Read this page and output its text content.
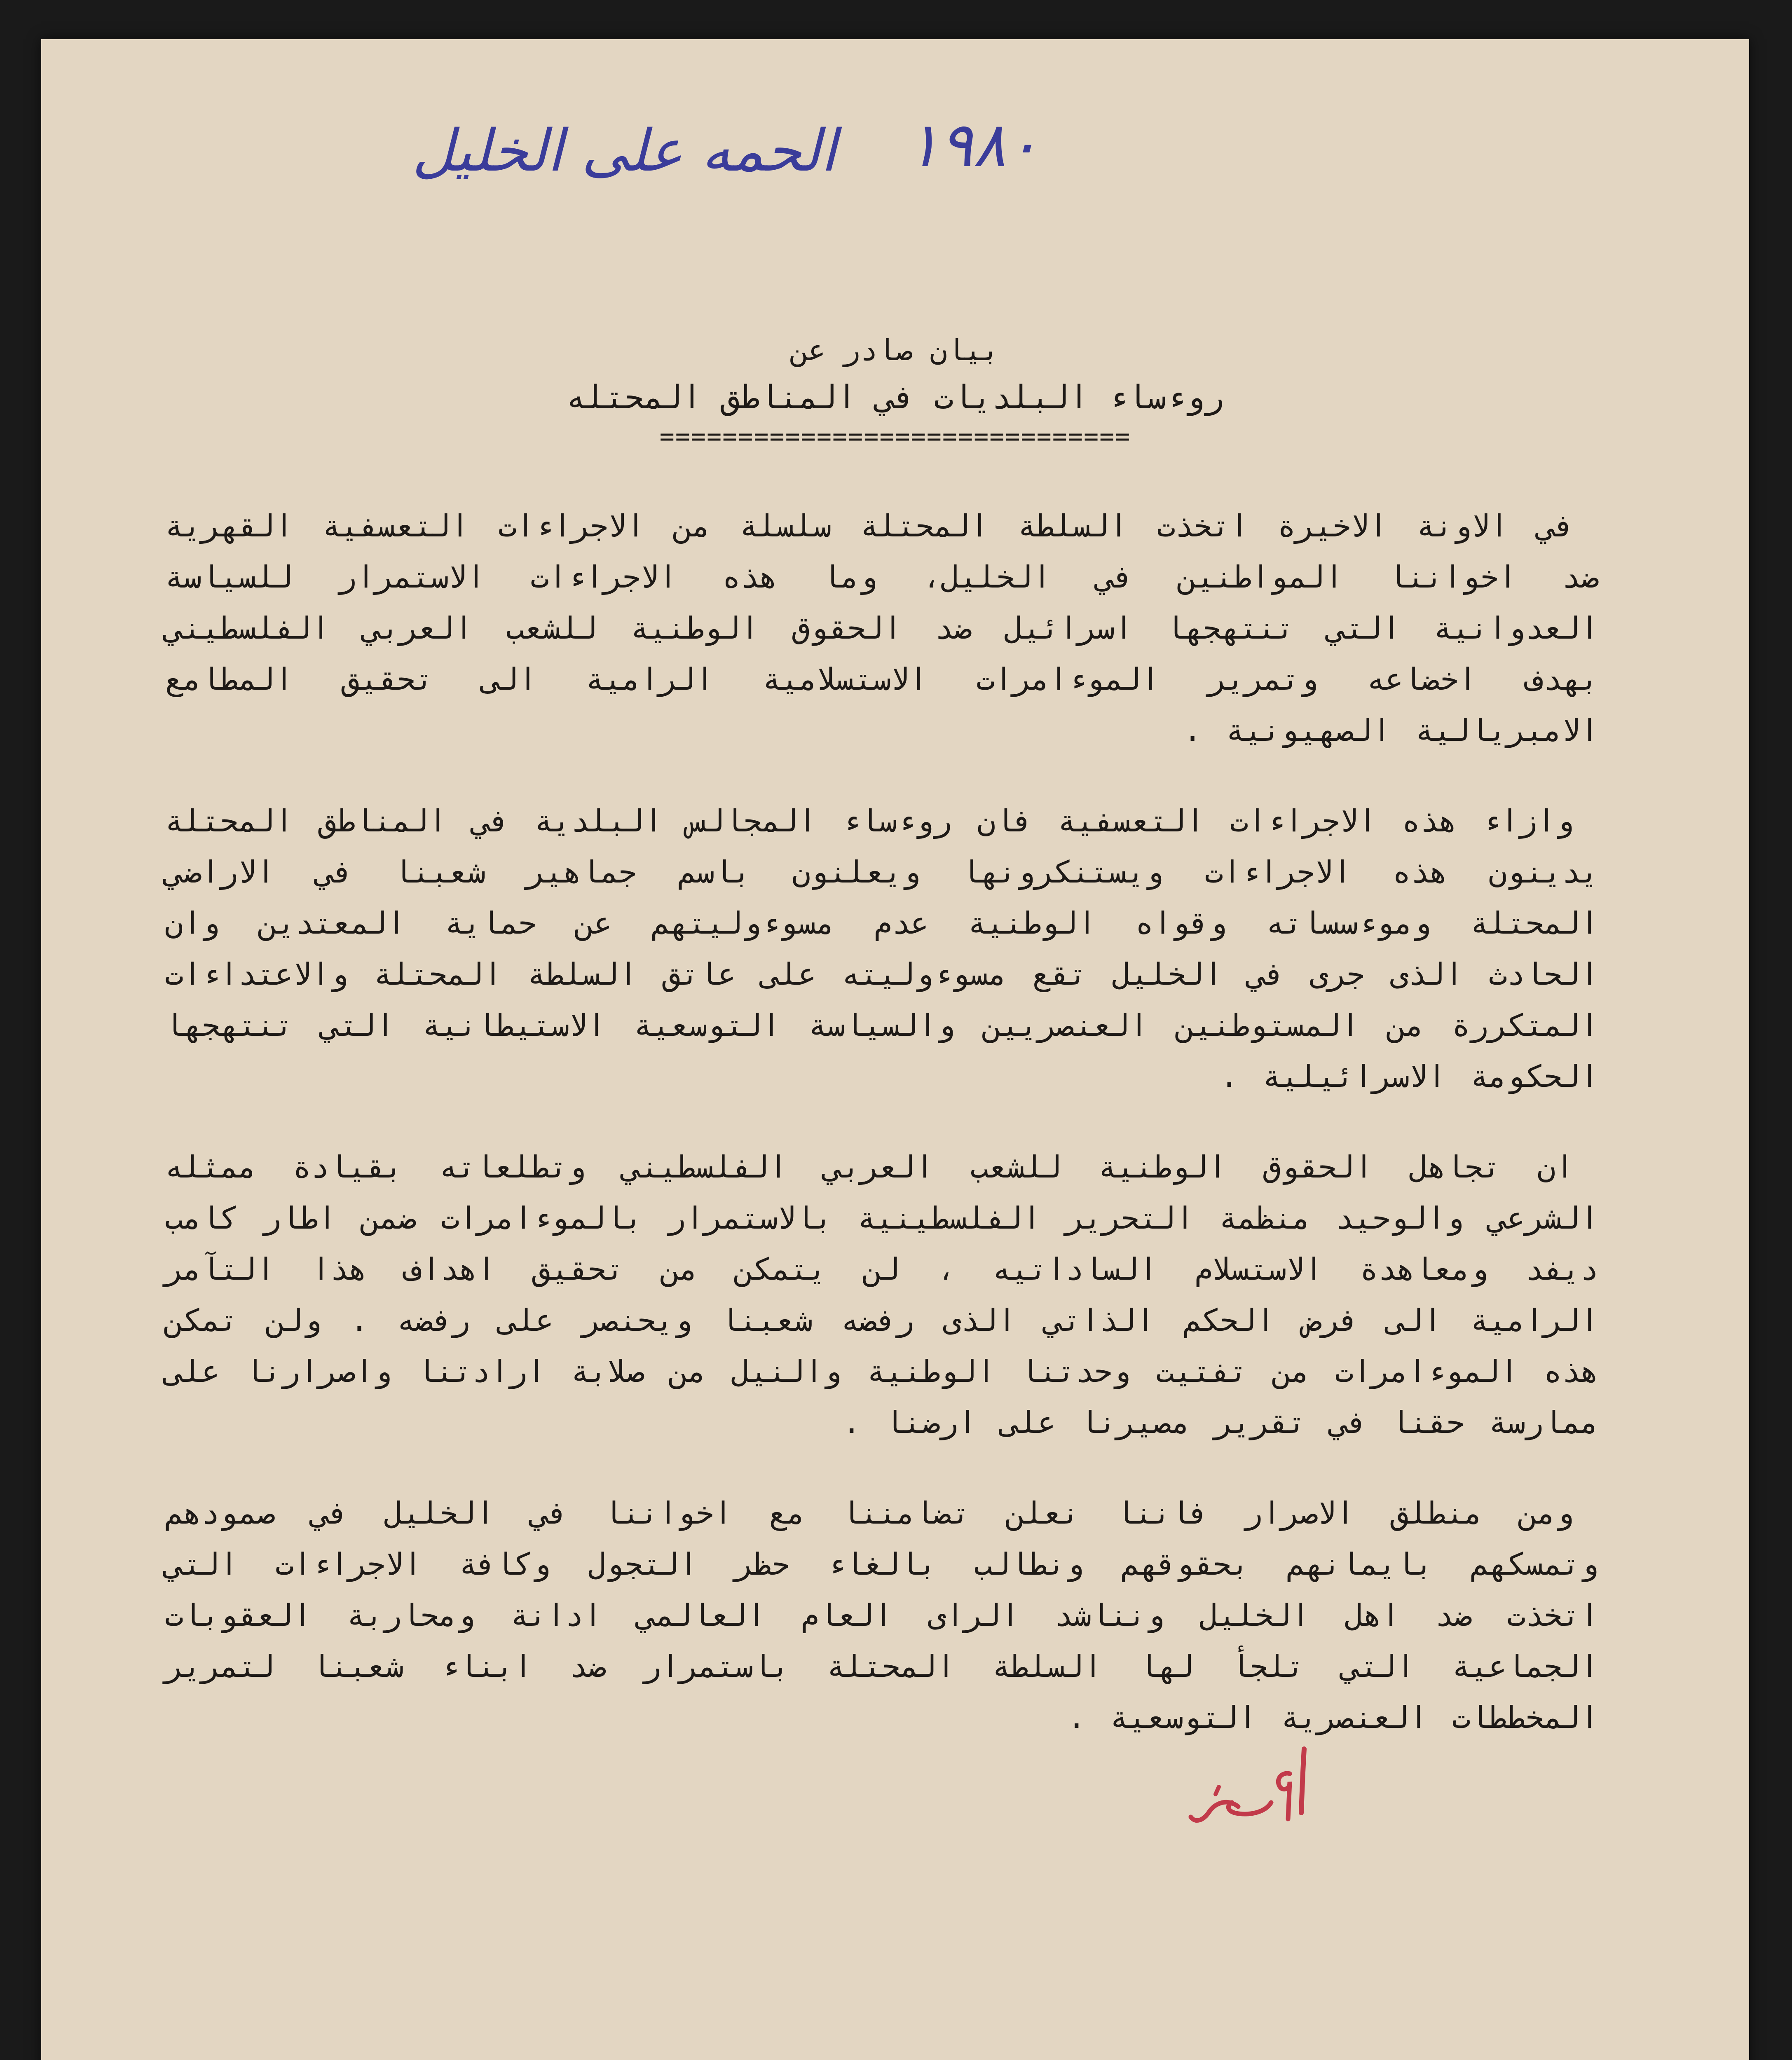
١٩٨٠
الحمه على الخليل
بيان صادر عن
روءساء البلديات في المناطق المحتله
==============================

في الاونة الاخيرة اتخذت السلطة المحتلة سلسلة من الاجراءات التعسفية القهرية ضد اخواننا المواطنين في الخليل، وما هذه الاجراءات الاستمرار للسياسة العدوانية التي تنتهجها اسرائيل ضد الحقوق الوطنية للشعب العربي الفلسطيني بهدف اخضاعه وتمرير الموءامرات الاستسلامية الرامية الى تحقيق المطامع الامبريالية الصهيونية .

وازاء هذه الاجراءات التعسفية فان روءساء المجالس البلدية في المناطق المحتلة يدينون هذه الاجراءات ويستنكرونها ويعلنون باسم جماهير شعبنا في الاراضي المحتلة وموءسساته وقواه الوطنية عدم مسوءوليتهم عن حماية المعتدين وان الحادث الذى جرى في الخليل تقع مسوءوليته على عاتق السلطة المحتلة والاعتداءات المتكررة من المستوطنين العنصريين والسياسة التوسعية الاستيطانية التي تنتهجها الحكومة الاسرائيلية .

ان تجاهل الحقوق الوطنية للشعب العربي الفلسطيني وتطلعاته بقيادة ممثله الشرعي والوحيد منظمة التحرير الفلسطينية بالاستمرار بالموءامرات ضمن اطار كامب ديفد ومعاهدة الاستسلام الساداتيه ، لن يتمكن من تحقيق اهداف هذا التآمر الرامية الى فرض الحكم الذاتي الذى رفضه شعبنا ويحنصر على رفضه . ولن تمكن هذه الموءامرات من تفتيت وحدتنا الوطنية والنيل من صلابة ارادتنا واصرارنا على ممارسة حقنا في تقرير مصيرنا على ارضنا .

ومن منطلق الاصرار فاننا نعلن تضامننا مع اخواننا في الخليل في صمودهم وتمسكهم بايمانهم بحقوقهم ونطالب بالغاء حظر التجول وكافة الاجراءات التي اتخذت ضد اهل الخليل ونناشد الراى العام العالمي ادانة ومحاربة العقوبات الجماعية التي تلجأ لها السلطة المحتلة باستمرار ضد ابناء شعبنا لتمرير المخططات العنصرية التوسعية .
